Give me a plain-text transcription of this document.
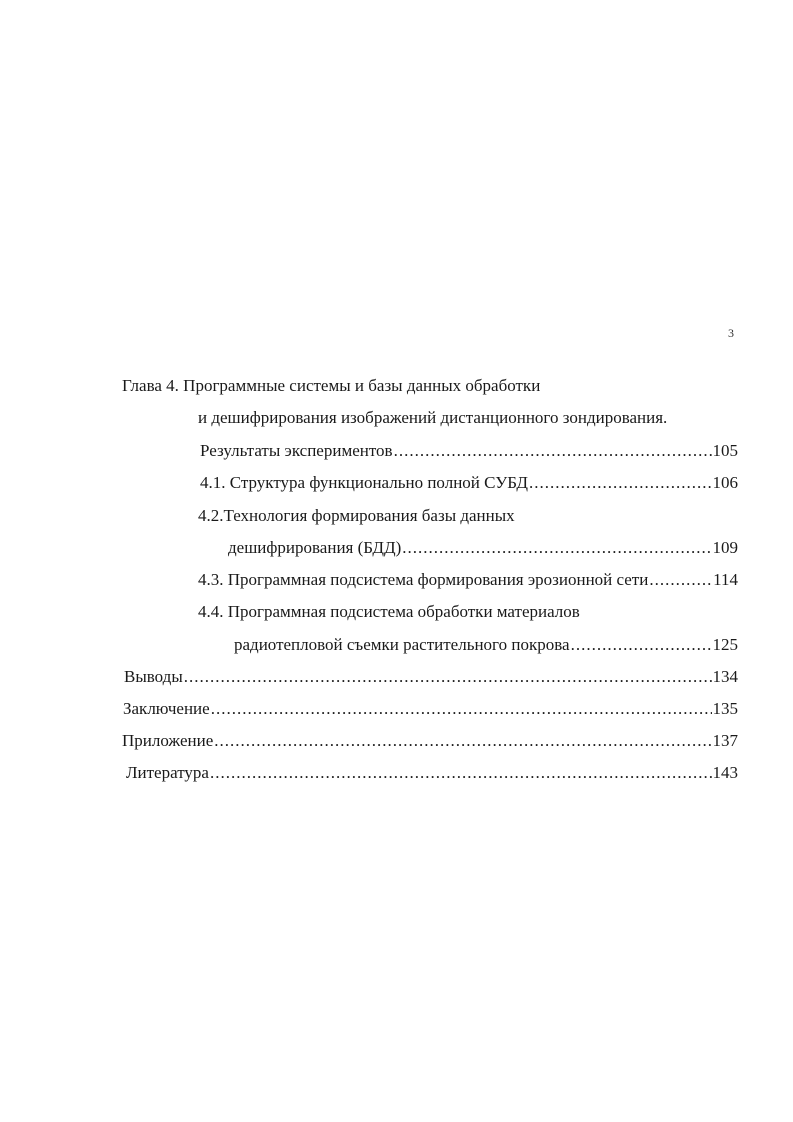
3
Глава 4. Программные системы и базы данных обработки
и дешифрирования изображений дистанционного зондирования.
Результаты экспериментов .....	105
4.1. Структура функционально полной СУБД .....	106
4.2.Технология формирования базы данных
дешифрирования (БДД) .....	109
4.3. Программная подсистема формирования эрозионной сети .....	114
4.4. Программная подсистема обработки материалов
радиотепловой съемки растительного покрова .....	125
Выводы .....	134
Заключение .....	135
Приложение .....	137
Литература .....	143
